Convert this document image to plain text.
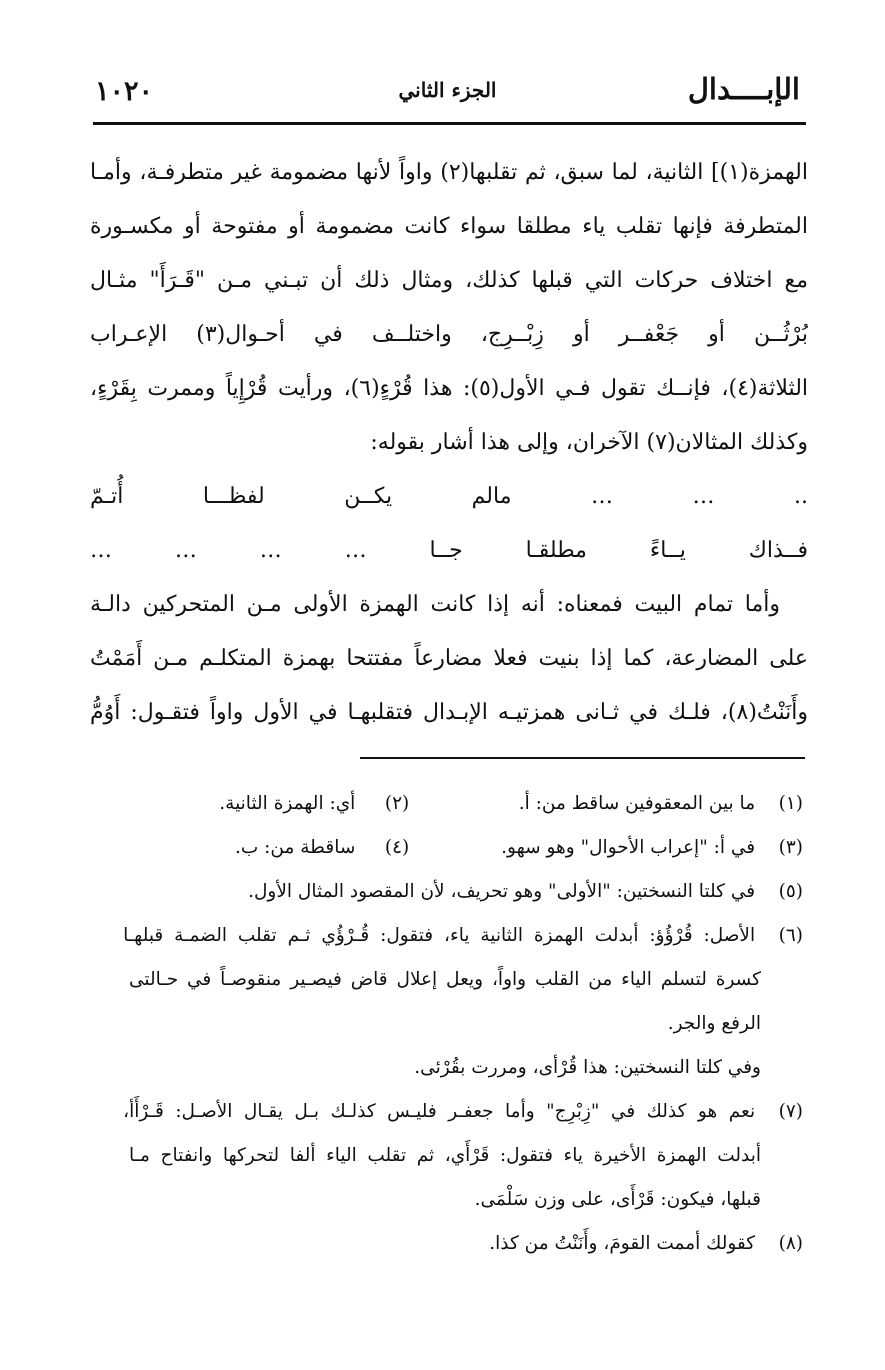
الإبــــدال
الجزء الثاني
١٠٢٠
الهمزة(١)] الثانية، لما سبق، ثم تقلبها(٢) واواً لأنها مضمومة غير متطرفـة، وأمـا
المتطرفة فإنها تقلب ياء مطلقا سواء كانت مضمومة أو مفتوحة أو مكسـورة
مع اختلاف حركات التي قبلها كذلك، ومثال ذلك أن تبـني مـن "قَـرَأَ" مثـال
بُرْثُــن أو جَعْفــر أو زِبْــرِج، واختلــف في أحـوال(٣) الإعـراب
الثلاثة(٤)، فإنــك تقول فـي الأول(٥): هذا قُرْءٍ(٦)، ورأيت قُرْإِياً وممرت بِقَرْءٍ،
وكذلك المثالان(٧) الآخران، وإلى هذا أشار بقوله:
.. … … مالم يكــن لفظـــا أُتـمّ
فــذاك يــاءً مطلقـا جــا … … … …
وأما تمام البيت فمعناه: أنه إذا كانت الهمزة الأولى مـن المتحركين دالـة
على المضارعة، كما إذا بنيت فعلا مضارعاً مفتتحا بهمزة المتكلـم مـن أَمَمْتُ
وأَنَنْتُ(٨)، فلـك في ثـانى همزتيـه الإبـدال فتقلبهـا في الأول واواً فتقـول: أَوُمُّ
(١) ما بين المعقوفين ساقط من: أ. (٢) أي: الهمزة الثانية.
(٣) في أ: "إعراب الأحوال" وهو سهو. (٤) ساقطة من: ب.
(٥) في كلتا النسختين: "الأولى" وهو تحريف، لأن المقصود المثال الأول.
(٦) الأصل: قُرْؤُؤ: أبدلت الهمزة الثانية ياء، فتقول: قُـرْؤُي ثـم تقلب الضمـة قبلهـا
كسرة لتسلم الياء من القلب واواً، ويعل إعلال قاض فيصـير منقوصـاً في حـالتى
الرفع والجر.
وفي كلتا النسختين: هذا قُرْأى، ومررت بقُرْئى.
(٧) نعم هو كذلك في "زِبْرِج" وأما جعفـر فليـس كذلـك بـل يقـال الأصـل: قَـرْأَأ،
أبدلت الهمزة الأخيرة ياء فتقول: قَرْأَي، ثم تقلب الياء ألفا لتحركها وانفتاح مـا
قبلها، فيكون: قَرْأَى، على وزن سَلْمَى.
(٨) كقولك أممت القومَ، وأَنَنْتُ من كذا.
